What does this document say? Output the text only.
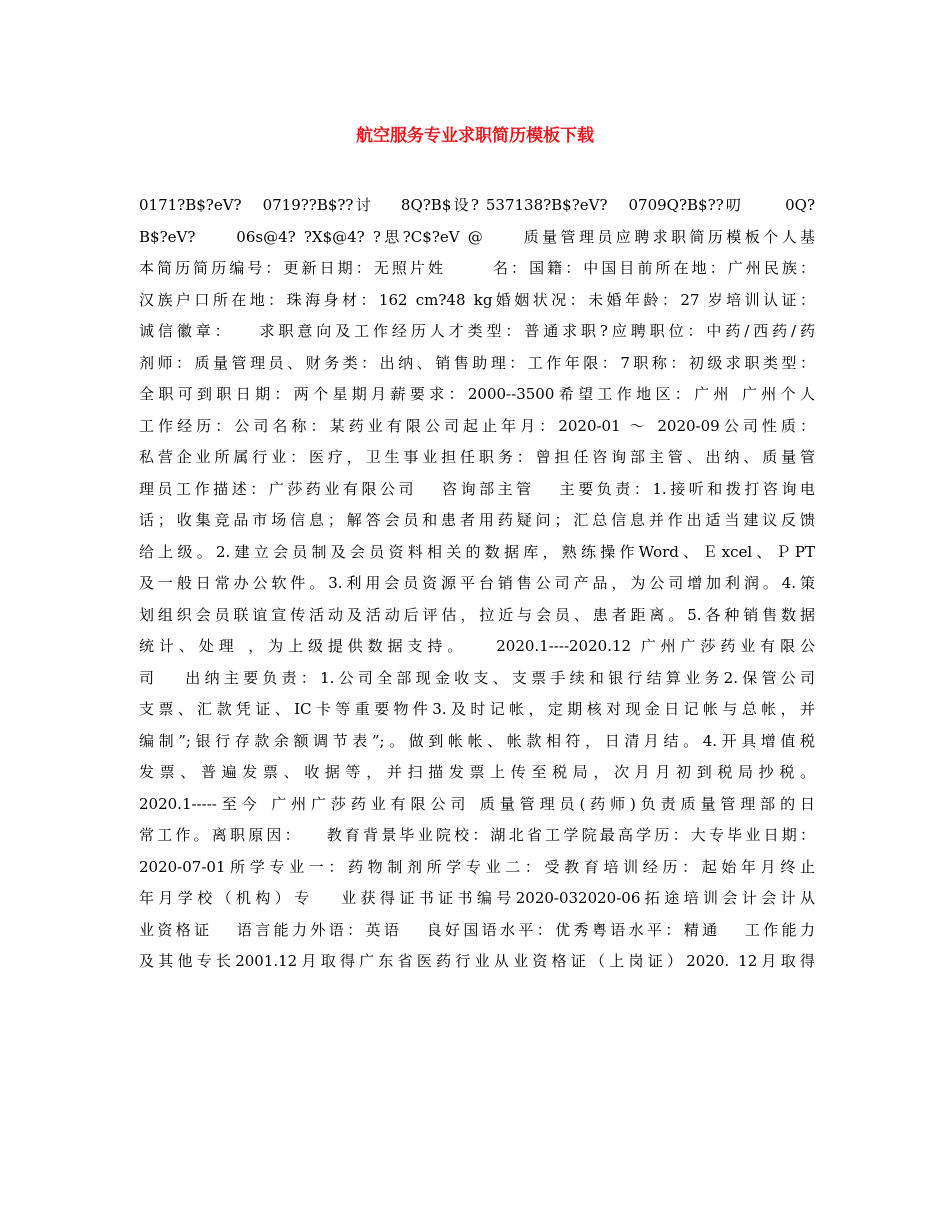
航空服务专业求职简历模板下载
0171?B$?eV?   0719??B$??讨    8Q?B$设? 537138?B$?eV?   0709Q?B$??叨      0Q?
B$?eV?     06s@4? ?X$@4? ?思?C$?eV @     质量管理员应聘求职简历模板个人基
本简历简历编号：更新日期：无照片姓      名：国籍：中国目前所在地：广州民族：
汉族户口所在地：珠海身材：162 cm?48 kg婚姻状况：未婚年龄：27 岁培训认证：
诚信徽章：   求职意向及工作经历人才类型：普通求职?应聘职位：中药/西药/药
剂师：质量管理员、财务类：出纳、销售助理：工作年限：7职称：初级求职类型：
全职可到职日期：两个星期月薪要求：2000--3500希望工作地区：广州 广州个人
工作经历：公司名称：某药业有限公司起止年月：2020-01 ～ 2020-09公司性质：
私营企业所属行业：医疗，卫生事业担任职务：曾担任咨询部主管、出纳、质量管
理员工作描述：广莎药业有限公司   咨询部主管   主要负责：1.接听和拨打咨询电
话；收集竞品市场信息；解答会员和患者用药疑问；汇总信息并作出适当建议反馈
给上级。2.建立会员制及会员资料相关的数据库，熟练操作Word、Ｅxcel、ＰPT
及一般日常办公软件。3.利用会员资源平台销售公司产品，为公司增加利润。4.策
划组织会员联谊宣传活动及活动后评估，拉近与会员、患者距离。5.各种销售数据
统计、处理 ，为上级提供数据支持。   2020.1----2020.12 广州广莎药业有限公
司   出纳主要负责：1.公司全部现金收支、支票手续和银行结算业务2.保管公司
支票、汇款凭证、IC卡等重要物件3.及时记帐，定期核对现金日记帐与总帐，并
编制”;银行存款余额调节表”;。做到帐帐、帐款相符，日清月结。4.开具增值税
发票、普遍发票、收据等，并扫描发票上传至税局，次月月初到税局抄税。
2020.1-----至今 广州广莎药业有限公司 质量管理员(药师)负责质量管理部的日
常工作。离职原因：   教育背景毕业院校：湖北省工学院最高学历：大专毕业日期：
2020-07-01所学专业一：药物制剂所学专业二：受教育培训经历：起始年月终止
年月学校（机构）专   业获得证书证书编号2020-032020-06拓途培训会计会计从
业资格证   语言能力外语：英语   良好国语水平：优秀粤语水平：精通   工作能力
及其他专长2001.12月取得广东省医药行业从业资格证（上岗证）2020. 12月取得
